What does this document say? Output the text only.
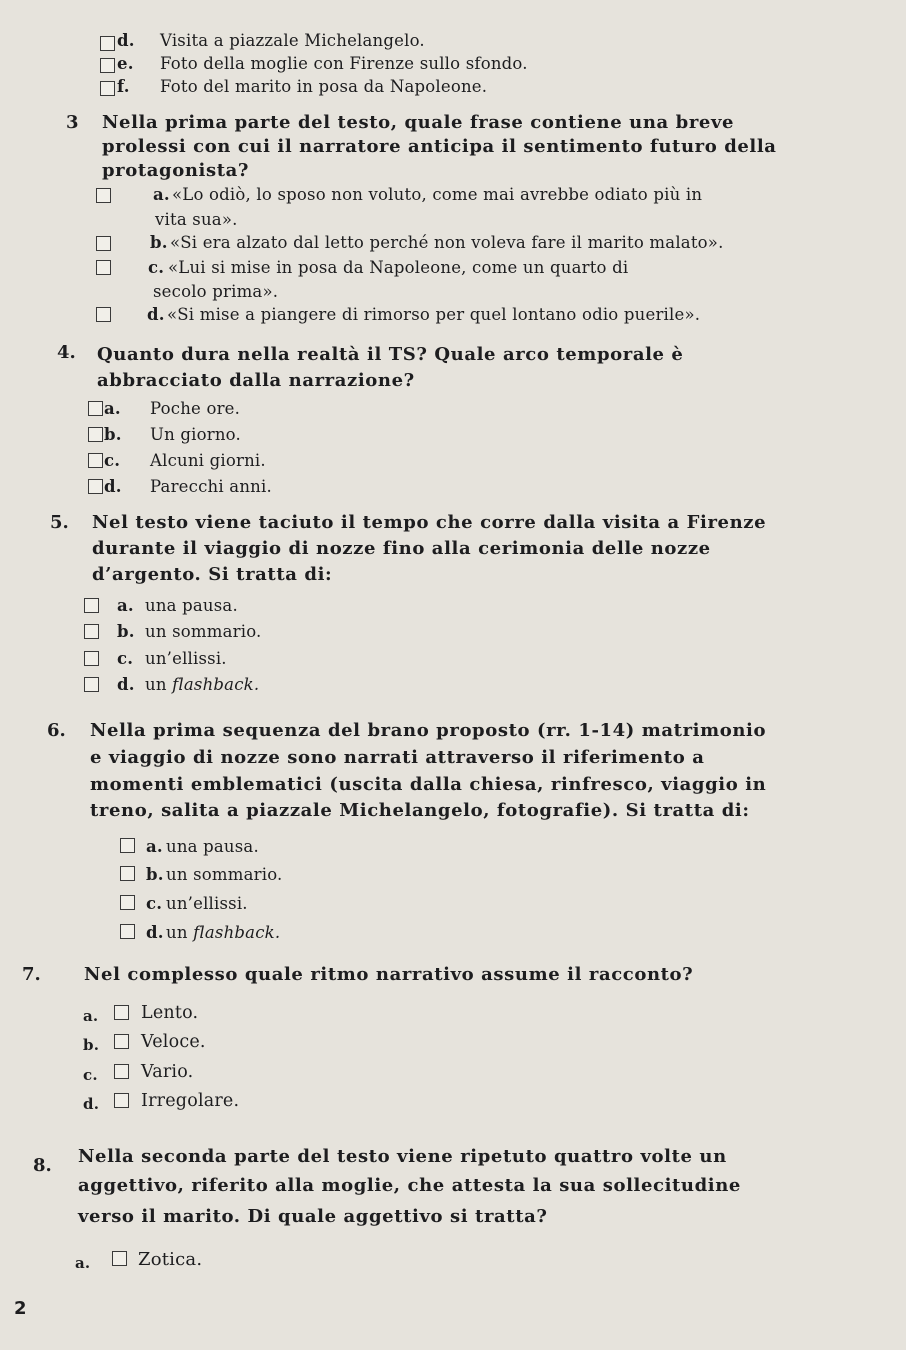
d. Visita a piazzale Michelangelo.
e. Foto della moglie con Firenze sullo sfondo.
f. Foto del marito in posa da Napoleone.
3 Nella prima parte del testo, quale frase contiene una breve
prolessi con cui il narratore anticipa il sentimento futuro della
protagonista?
a. «Lo odiò, lo sposo non voluto, come mai avrebbe odiato più in
vita sua».
b. «Si era alzato dal letto perché non voleva fare il marito malato».
c. «Lui si mise in posa da Napoleone, come un quarto di
secolo prima».
d. «Si mise a piangere di rimorso per quel lontano odio puerile».
4. Quanto dura nella realtà il TS? Quale arco temporale è
abbracciato dalla narrazione?
a. Poche ore.
b. Un giorno.
c. Alcuni giorni.
d. Parecchi anni.
5. Nel testo viene taciuto il tempo che corre dalla visita a Firenze
durante il viaggio di nozze fino alla cerimonia delle nozze
d’argento. Si tratta di:
a. una pausa.
b. un sommario.
c. un’ellissi.
d. un flashback.
6. Nella prima sequenza del brano proposto (rr. 1-14) matrimonio
e viaggio di nozze sono narrati attraverso il riferimento a
momenti emblematici (uscita dalla chiesa, rinfresco, viaggio in
treno, salita a piazzale Michelangelo, fotografie). Si tratta di:
a. una pausa.
b. un sommario.
c. un’ellissi.
d. un flashback.
7. Nel complesso quale ritmo narrativo assume il racconto?
a. Lento.
b. Veloce.
c. Vario.
d. Irregolare.
8. Nella seconda parte del testo viene ripetuto quattro volte un
aggettivo, riferito alla moglie, che attesta la sua sollecitudine
verso il marito. Di quale aggettivo si tratta?
a.	Zotica.
2
